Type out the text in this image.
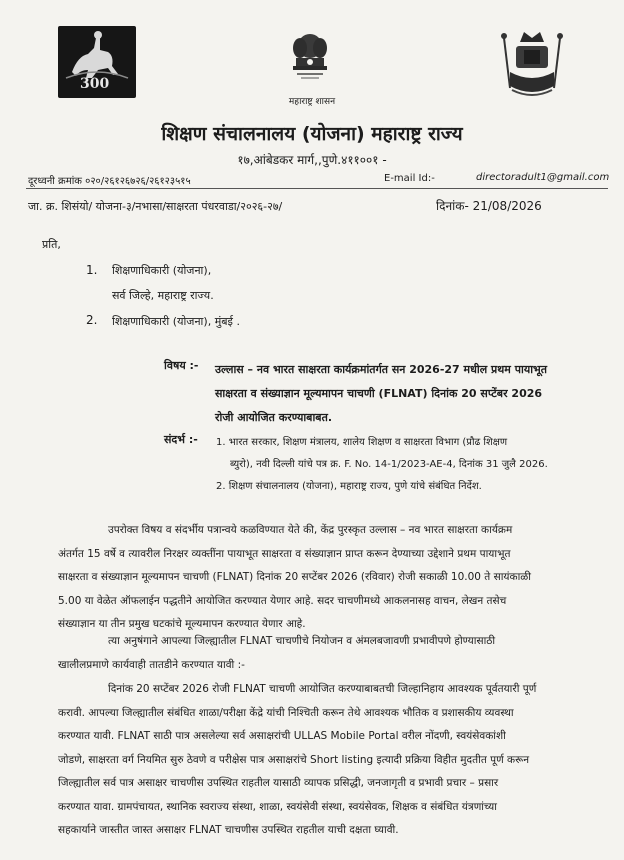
300
महाराष्ट्र शासन
शिक्षण संचालनालय (योजना) महाराष्ट्र राज्य
१७,आंबेडकर मार्ग,,पुणे.४११००१ -
दूरध्वनी क्रमांक ०२०/२६१२६७२६/२६१२३५१५	E-mail Id:-	directoradult1@gmail.com
जा. क्र. शिसंयो/ योजना-३/नभासा/साक्षरता पंधरवाडा/२०२६-२७/	दिनांक- 21/08/2026
प्रति,
1. शिक्षणाधिकारी (योजना),
सर्व जिल्हे, महाराष्ट्र राज्य.
2. शिक्षणाधिकारी (योजना), मुंबई .
विषय :- उल्लास – नव भारत साक्षरता कार्यक्रमांतर्गत सन 2026-27 मधील प्रथम पायाभूत
साक्षरता व संख्याज्ञान मूल्यमापन चाचणी (FLNAT) दिनांक 20 सप्टेंबर 2026
रोजी आयोजित करण्याबाबत.
संदर्भ :- 1. भारत सरकार, शिक्षण मंत्रालय, शालेय शिक्षण व साक्षरता विभाग (प्रौढ शिक्षण
ब्युरो), नवी दिल्ली यांचे पत्र क्र. F. No. 14-1/2023-AE-4, दिनांक 31 जुलै 2026.
2. शिक्षण संचालनालय (योजना), महाराष्ट्र राज्य, पुणे यांचे संबंधित निर्देश.
उपरोक्त विषय व संदर्भीय पत्रान्वये कळविण्यात येते की, केंद्र पुरस्कृत उल्लास – नव भारत साक्षरता कार्यक्रम
अंतर्गत 15 वर्षे व त्यावरील निरक्षर व्यक्तींना पायाभूत साक्षरता व संख्याज्ञान प्राप्त करून देण्याच्या उद्देशाने प्रथम पायाभूत
साक्षरता व संख्याज्ञान मूल्यमापन चाचणी (FLNAT) दिनांक 20 सप्टेंबर 2026 (रविवार) रोजी सकाळी 10.00 ते सायंकाळी
5.00 या वेळेत ऑफलाईन पद्धतीने आयोजित करण्यात येणार आहे. सदर चाचणीमध्ये आकलनासह वाचन, लेखन तसेच
संख्याज्ञान या तीन प्रमुख घटकांचे मूल्यमापन करण्यात येणार आहे.
त्या अनुषंगाने आपल्या जिल्ह्यातील FLNAT चाचणीचे नियोजन व अंमलबजावणी प्रभावीपणे होण्यासाठी
खालीलप्रमाणे कार्यवाही तातडीने करण्यात यावी :-
दिनांक 20 सप्टेंबर 2026 रोजी FLNAT चाचणी आयोजित करण्याबाबतची जिल्हानिहाय आवश्यक पूर्वतयारी पूर्ण
करावी. आपल्या जिल्ह्यातील संबंधित शाळा/परीक्षा केंद्रे यांची निश्चिती करून तेथे आवश्यक भौतिक व प्रशासकीय व्यवस्था
करण्यात यावी. FLNAT साठी पात्र असलेल्या सर्व असाक्षरांची ULLAS Mobile Portal वरील नोंदणी, स्वयंसेवकांशी
जोडणे, साक्षरता वर्ग नियमित सुरु ठेवणे व परीक्षेस पात्र असाक्षरांचे Short listing इत्यादी प्रक्रिया विहीत मुदतीत पूर्ण करून
जिल्ह्यातील सर्व पात्र असाक्षर चाचणीस उपस्थित राहतील यासाठी व्यापक प्रसिद्धी, जनजागृती व प्रभावी प्रचार – प्रसार
करण्यात यावा. ग्रामपंचायत, स्थानिक स्वराज्य संस्था, शाळा, स्वयंसेवी संस्था, स्वयंसेवक, शिक्षक व संबंधित यंत्रणांच्या
सहकार्याने जास्तीत जास्त असाक्षर FLNAT चाचणीस उपस्थित राहतील याची दक्षता घ्यावी.
